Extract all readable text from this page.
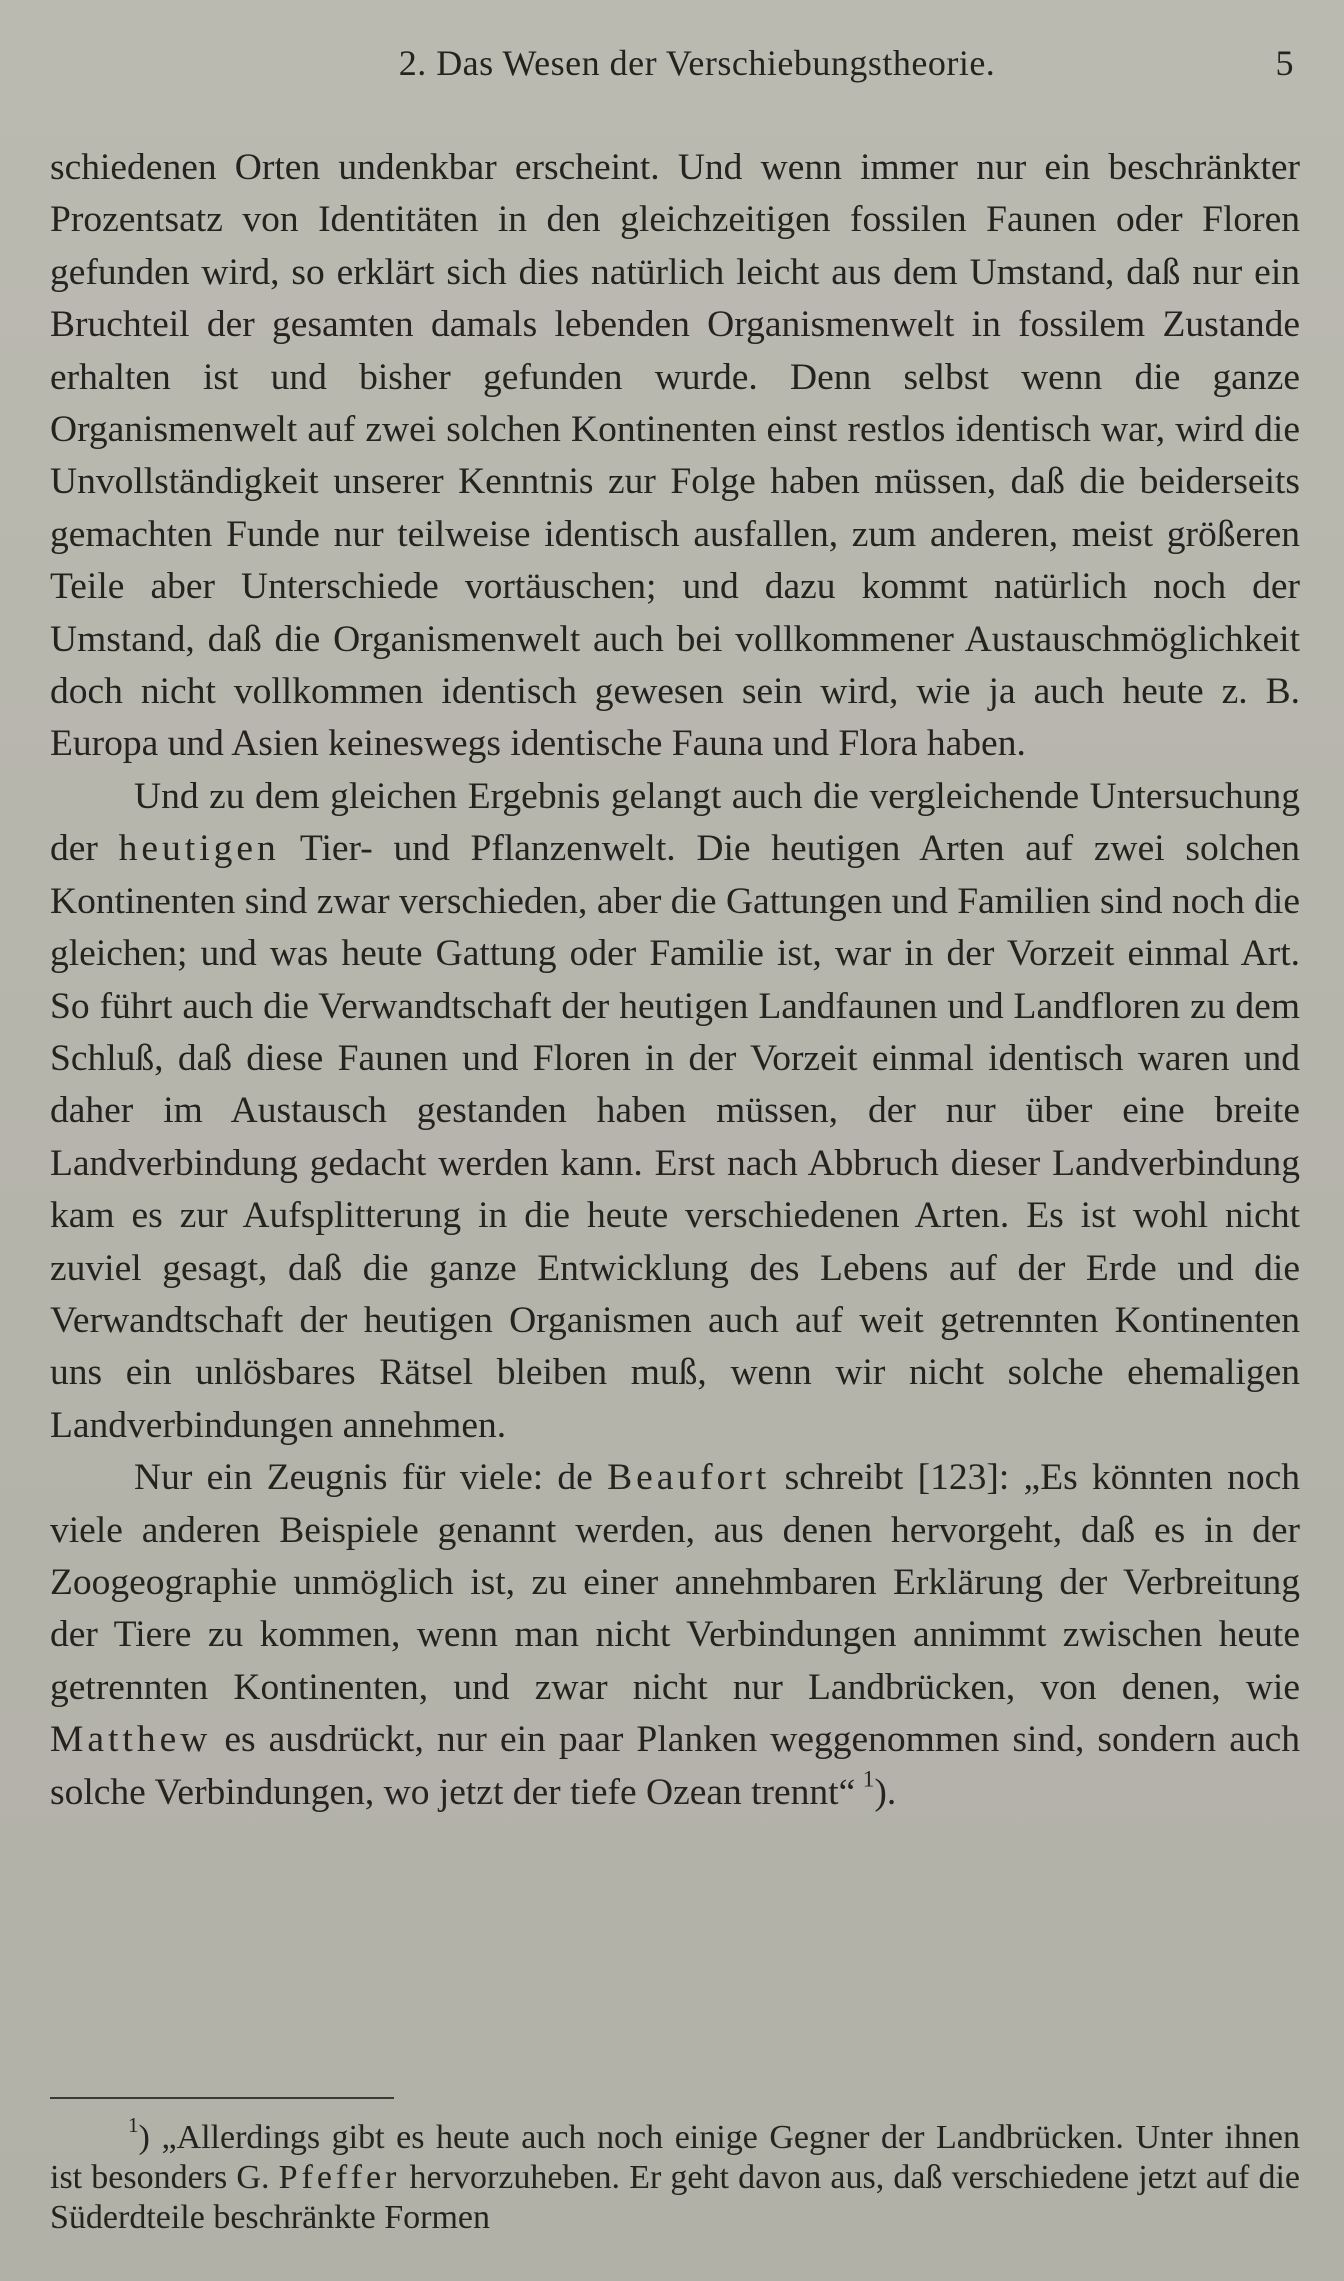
2. Das Wesen der Verschiebungstheorie.	5

schiedenen Orten undenkbar erscheint. Und wenn immer nur ein beschränkter Prozentsatz von Identitäten in den gleichzeitigen fossilen Faunen oder Floren gefunden wird, so erklärt sich dies natürlich leicht aus dem Umstand, daß nur ein Bruchteil der gesamten damals lebenden Organismenwelt in fossilem Zustande erhalten ist und bisher gefunden wurde. Denn selbst wenn die ganze Organismenwelt auf zwei solchen Kontinenten einst restlos identisch war, wird die Unvollständigkeit unserer Kenntnis zur Folge haben müssen, daß die beiderseits gemachten Funde nur teilweise identisch ausfallen, zum anderen, meist größeren Teile aber Unterschiede vortäuschen; und dazu kommt natürlich noch der Umstand, daß die Organismenwelt auch bei vollkommener Austauschmöglichkeit doch nicht vollkommen identisch gewesen sein wird, wie ja auch heute z. B. Europa und Asien keineswegs identische Fauna und Flora haben.

Und zu dem gleichen Ergebnis gelangt auch die vergleichende Untersuchung der heutigen Tier- und Pflanzenwelt. Die heutigen Arten auf zwei solchen Kontinenten sind zwar verschieden, aber die Gattungen und Familien sind noch die gleichen; und was heute Gattung oder Familie ist, war in der Vorzeit einmal Art. So führt auch die Verwandtschaft der heutigen Landfaunen und Landfloren zu dem Schluß, daß diese Faunen und Floren in der Vorzeit einmal identisch waren und daher im Austausch gestanden haben müssen, der nur über eine breite Landverbindung gedacht werden kann. Erst nach Abbruch dieser Landverbindung kam es zur Aufsplitterung in die heute verschiedenen Arten. Es ist wohl nicht zuviel gesagt, daß die ganze Entwicklung des Lebens auf der Erde und die Verwandtschaft der heutigen Organismen auch auf weit getrennten Kontinenten uns ein unlösbares Rätsel bleiben muß, wenn wir nicht solche ehemaligen Landverbindungen annehmen.

Nur ein Zeugnis für viele: de Beaufort schreibt [123]: „Es könnten noch viele anderen Beispiele genannt werden, aus denen hervorgeht, daß es in der Zoogeographie unmöglich ist, zu einer annehmbaren Erklärung der Verbreitung der Tiere zu kommen, wenn man nicht Verbindungen annimmt zwischen heute getrennten Kontinenten, und zwar nicht nur Landbrücken, von denen, wie Matthew es ausdrückt, nur ein paar Planken weggenommen sind, sondern auch solche Verbindungen, wo jetzt der tiefe Ozean trennt“  $^1$).

$^1$) „Allerdings gibt es heute auch noch einige Gegner der Landbrücken. Unter ihnen ist besonders G. Pfeffer hervorzuheben. Er geht davon aus, daß verschiedene jetzt auf die Süderdteile beschränkte Formen
